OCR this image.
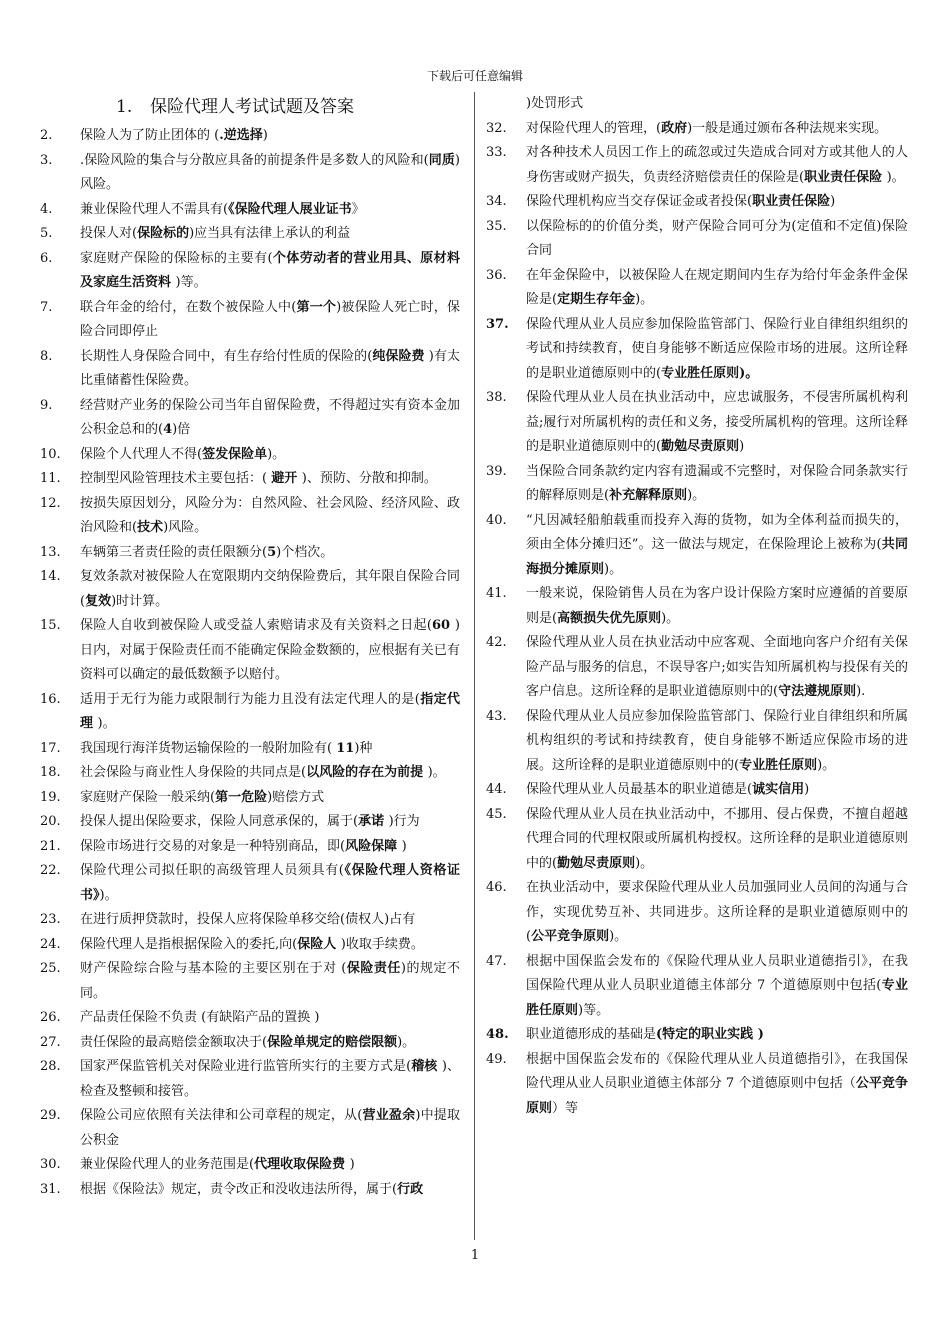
下载后可任意编辑
1. 保险代理人考试试题及答案
2.	保险人为了防止团体的 (.逆选择)
3.	.保险风险的集合与分散应具备的前提条件是多数人的风险和(同质) 风险。
4.	兼业保险代理人不需具有(《保险代理人展业证书》
5.	投保人对(保险标的)应当具有法律上承认的利益
6.	家庭财产保险的保险标的主要有(个体劳动者的营业用具、原材料及家庭生活资料 )等。
7.	联合年金的给付，在数个被保险人中(第一个)被保险人死亡时，保险合同即停止
8.	长期性人身保险合同中，有生存给付性质的保险的(纯保险费 )有太比重储蓄性保险费。
9.	经营财产业务的保险公司当年自留保险费，不得超过实有资本金加公积金总和的(4)倍
10.	保险个人代理人不得(签发保险单)。
11.	控制型风险管理技术主要包括：( 避开 )、预防、分散和抑制。
12.	按损失原因划分，风险分为：自然风险、社会风险、经济风险、政治风险和(技术)风险。
13.	车辆第三者责任险的责任限额分(5)个档次。
14.	复效条款对被保险人在宽限期内交纳保险费后，其年限自保险合同(复效)时计算。
15.	保险人自收到被保险人或受益人索赔请求及有关资料之日起(60 )日内，对属于保险责任而不能确定保险金数额的，应根据有关已有资料可以确定的最低数额予以赔付。
16.	适用于无行为能力或限制行为能力且没有法定代理人的是(指定代理 )。
17.	我国现行海洋货物运输保险的一般附加险有( 11)种
18.	社会保险与商业性人身保险的共同点是(以风险的存在为前提 )。
19.	家庭财产保险一般采纳(第一危险)赔偿方式
20.	投保人提出保险要求，保险人同意承保的，属于(承诺 )行为
21.	保险市场进行交易的对象是一种特别商品，即(风险保障 )
22.	保险代理公司拟任职的高级管理人员须具有(《保险代理人资格证书》)。
23.	在进行质押贷款时，投保人应将保险单移交给(债权人)占有
24.	保险代理人是指根据保险入的委托,向(保险人 )收取手续费。
25.	财产保险综合险与基本险的主要区别在于对 (保险责任)的规定不同。
26.	产品责任保险不负责 (有缺陷产品的置换 )
27.	责任保险的最高赔偿金额取决于(保险单规定的赔偿限额)。
28.	国家严保监管机关对保险业进行监管所实行的主要方式是(稽核 )、检查及整顿和接管。
29.	保险公司应依照有关法律和公司章程的规定，从(营业盈余)中提取公积金
30.	兼业保险代理人的业务范围是(代理收取保险费 )
31.	根据《保险法》规定，责令改正和没收违法所得，属于(行政
)处罚形式
32.	对保险代理人的管理，(政府)一般是通过颁布各种法规来实现。
33.	对各种技术人员因工作上的疏忽或过失造成合同对方或其他人的人身伤害或财产损失，负责经济赔偿责任的保险是(职业责任保险 )。
34.	保险代理机构应当交存保证金或者投保(职业责任保险)
35.	以保险标的的价值分类，财产保险合同可分为(定值和不定值)保险合同
36.	在年金保险中，以被保险人在规定期间内生存为给付年金条件金保险是(定期生存年金)。
37.	保险代理从业人员应参加保险监管部门、保险行业自律组织组织的考试和持续教育，使自身能够不断适应保险市场的进展。这所诠释的是职业道德原则中的(专业胜任原则)。
38.	保险代理从业人员在执业活动中，应忠诚服务，不侵害所属机构利益;履行对所属机构的责任和义务，接受所属机构的管理。这所诠释的是职业道德原则中的(勤勉尽责原则)
39.	当保险合同条款约定内容有遗漏或不完整时，对保险合同条款实行的解释原则是(补充解释原则)。
40.	“凡因减轻船舶载重而投弃入海的货物，如为全体利益而损失的，须由全体分摊归还”。这一做法与规定，在保险理论上被称为(共同海损分摊原则)。
41.	一般来说，保险销售人员在为客户设计保险方案时应遵循的首要原则是(高额损失优先原则)。
42.	保险代理从业人员在执业活动中应客观、全面地向客户介绍有关保险产品与服务的信息，不误导客户;如实告知所属机构与投保有关的客户信息。这所诠释的是职业道德原则中的(守法遵规原则).
43.	保险代理从业人员应参加保险监管部门、保险行业自律组织和所属机构组织的考试和持续教育，使自身能够不断适应保险市场的进展。这所诠释的是职业道德原则中的(专业胜任原则)。
44.	保险代理从业人员最基本的职业道德是(诚实信用)
45.	保险代理从业人员在执业活动中，不挪用、侵占保费，不擅自超越代理合同的代理权限或所属机构授权。这所诠释的是职业道德原则中的(勤勉尽责原则)。
46.	在执业活动中，要求保险代理从业人员加强同业人员间的沟通与合作，实现优势互补、共同进步。这所诠释的是职业道德原则中的(公平竞争原则)。
47.	根据中国保监会发布的《保险代理从业人员职业道德指引》，在我国保险代理从业人员职业道德主体部分 7 个道德原则中包括(专业胜任原则)等。
48.	职业道德形成的基础是(特定的职业实践 )
49.	根据中国保监会发布的《保险代理从业人员道德指引》，在我国保险代理从业人员职业道德主体部分 7 个道德原则中包括（公平竞争原则）等
1
